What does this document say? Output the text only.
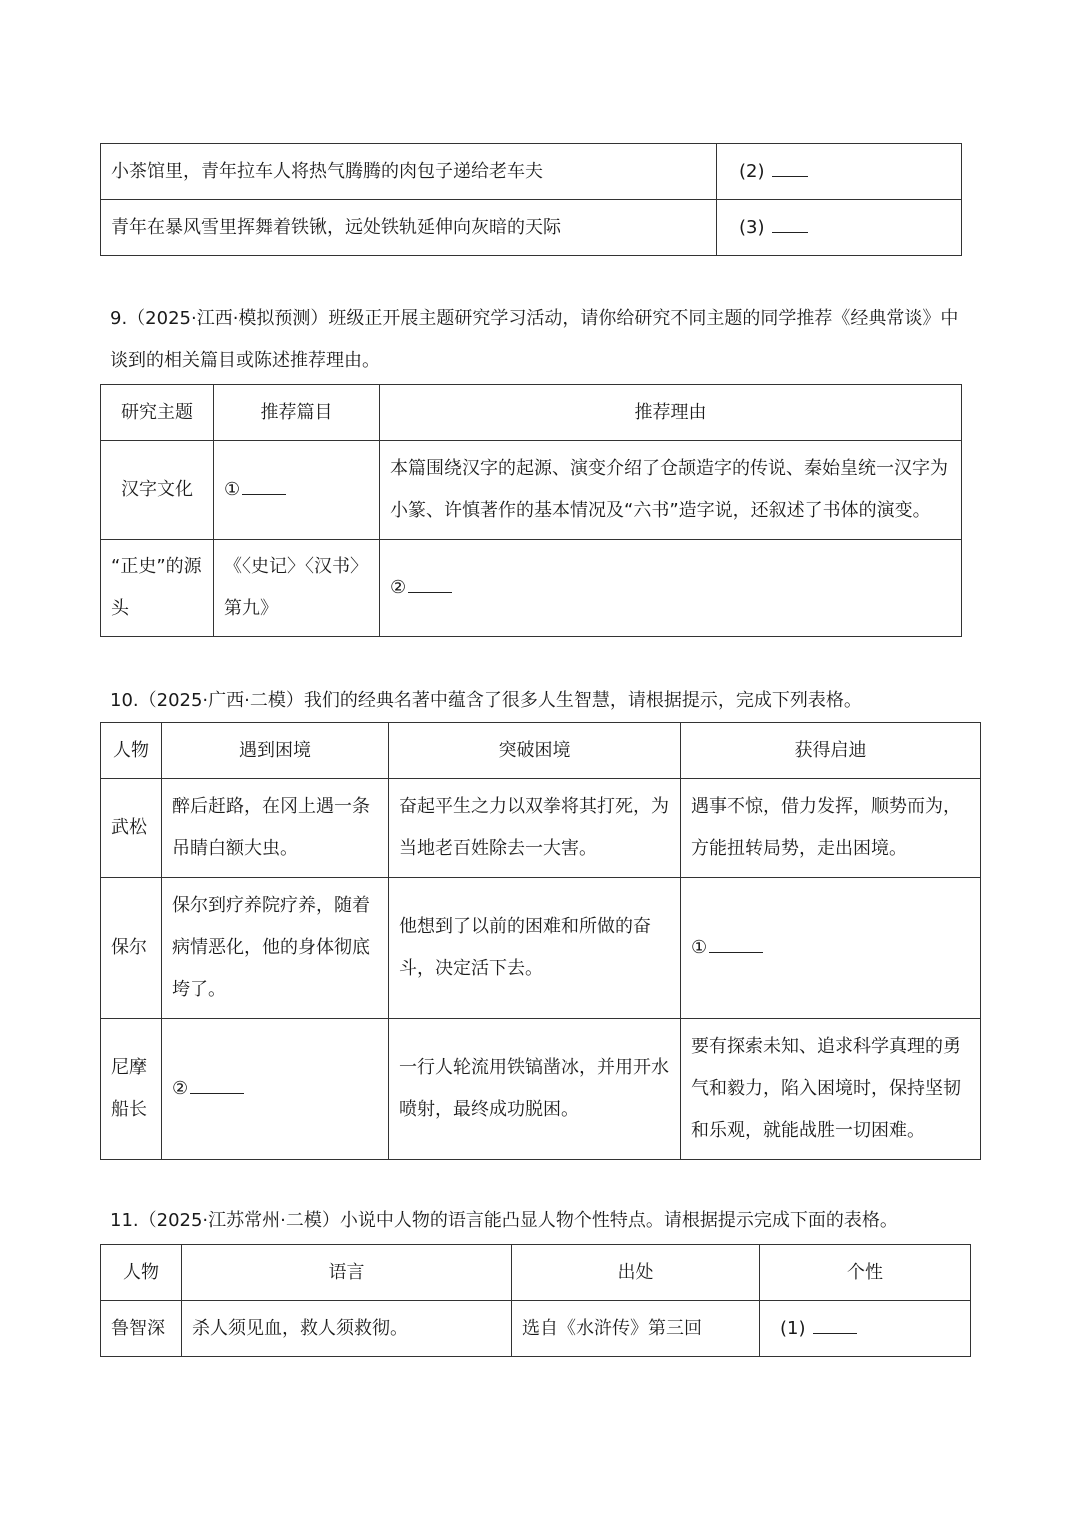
小茶馆里，青年拉车人将热气腾腾的肉包子递给老车夫	(2)
青年在暴风雪里挥舞着铁锹，远处铁轨延伸向灰暗的天际	(3)
9.（2025·江西·模拟预测）班级正开展主题研究学习活动，请你给研究不同主题的同学推荐《经典常谈》中谈到的相关篇目或陈述推荐理由。
研究主题	推荐篇目	推荐理由
汉字文化	①	本篇围绕汉字的起源、演变介绍了仓颉造字的传说、秦始皇统一汉字为小篆、许慎著作的基本情况及“六书”造字说，还叙述了书体的演变。
“正史”的源头	《〈史记〉〈汉书〉第九》	②
10.（2025·广西·二模）我们的经典名著中蕴含了很多人生智慧，请根据提示，完成下列表格。
人物	遇到困境	突破困境	获得启迪
武松	醉后赶路，在冈上遇一条吊睛白额大虫。	奋起平生之力以双拳将其打死，为当地老百姓除去一大害。	遇事不惊，借力发挥，顺势而为，方能扭转局势，走出困境。
保尔	保尔到疗养院疗养，随着病情恶化，他的身体彻底垮了。	他想到了以前的困难和所做的奋斗，决定活下去。	①
尼摩船长	②	一行人轮流用铁镐凿冰，并用开水喷射，最终成功脱困。	要有探索未知、追求科学真理的勇气和毅力，陷入困境时，保持坚韧和乐观，就能战胜一切困难。
11.（2025·江苏常州·二模）小说中人物的语言能凸显人物个性特点。请根据提示完成下面的表格。
人物	语言	出处	个性
鲁智深	杀人须见血，救人须救彻。	选自《水浒传》第三回	(1)
